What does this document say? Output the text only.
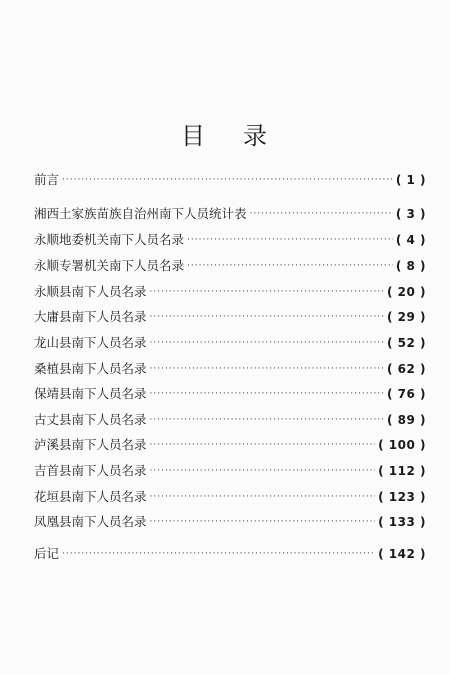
目 录
前言 ·····	( 1 )
湘西土家族苗族自治州南下人员统计表 ·····	( 3 )
永顺地委机关南下人员名录 ·····	( 4 )
永顺专署机关南下人员名录 ·····	( 8 )
永顺县南下人员名录 ·····	( 20 )
大庸县南下人员名录 ·····	( 29 )
龙山县南下人员名录 ·····	( 52 )
桑植县南下人员名录 ·····	( 62 )
保靖县南下人员名录 ·····	( 76 )
古丈县南下人员名录 ·····	( 89 )
泸溪县南下人员名录 ·····	( 100 )
吉首县南下人员名录 ·····	( 112 )
花垣县南下人员名录 ·····	( 123 )
凤凰县南下人员名录 ·····	( 133 )
后记 ·····	( 142 )
